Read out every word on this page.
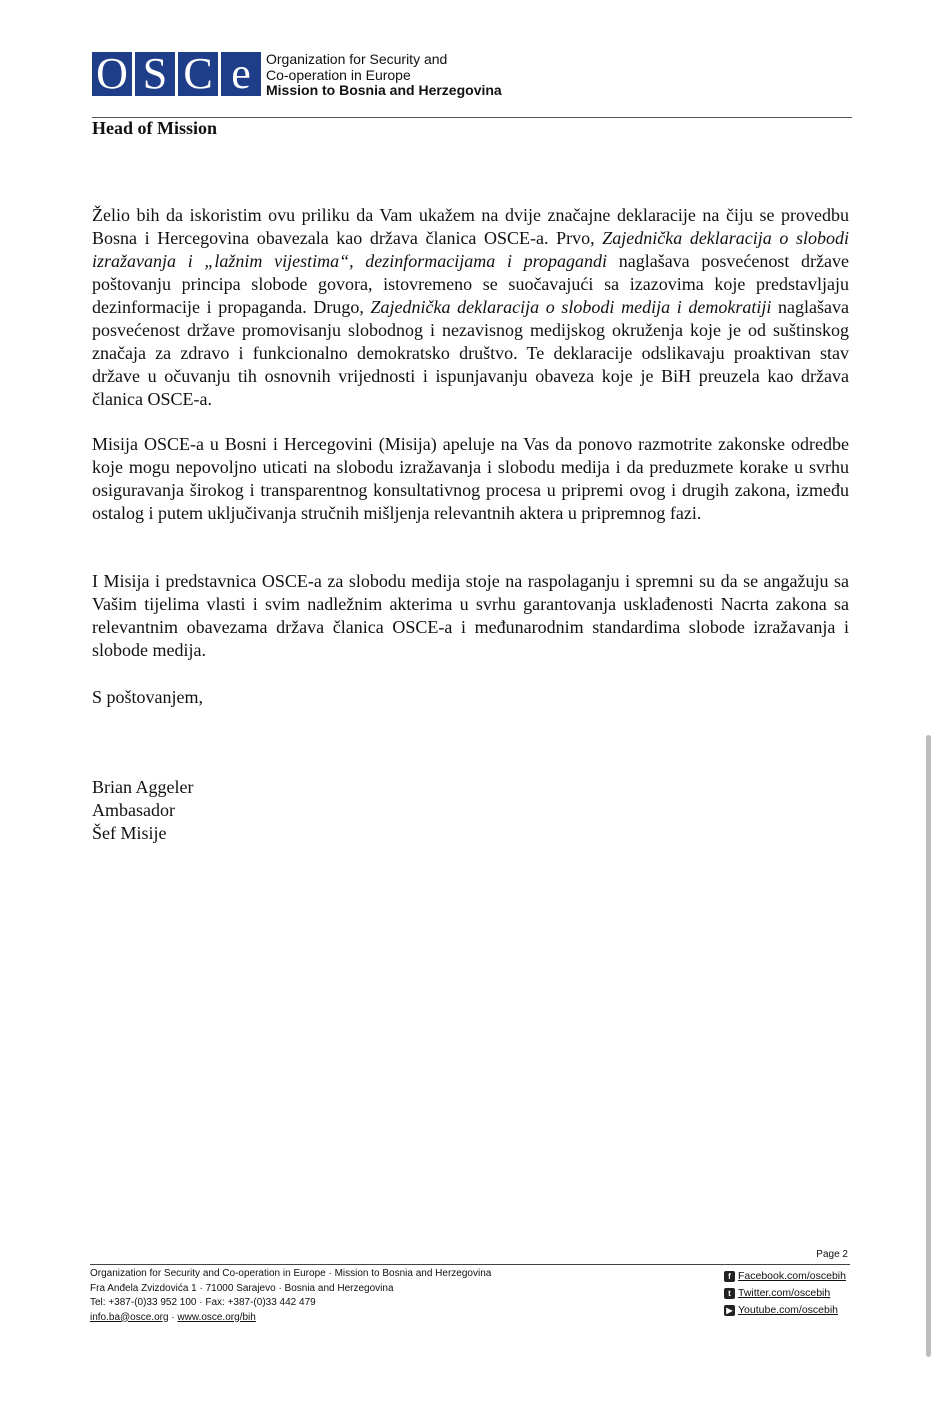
O S C e	Organization for Security and
Co-operation in Europe
Mission to Bosnia and Herzegovina
Head of Mission
Želio bih da iskoristim ovu priliku da Vam ukažem na dvije značajne deklaracije na čiju se provedbu Bosna i Hercegovina obavezala kao država članica OSCE-a. Prvo, Zajednička deklaracija o slobodi izražavanja i „lažnim vijestima“, dezinformacijama i propagandi naglašava posvećenost države poštovanju principa slobode govora, istovremeno se suočavajući sa izazovima koje predstavljaju dezinformacije i propaganda. Drugo, Zajednička deklaracija o slobodi medija i demokratiji naglašava posvećenost države promovisanju slobodnog i nezavisnog medijskog okruženja koje je od suštinskog značaja za zdravo i funkcionalno demokratsko društvo. Te deklaracije odslikavaju proaktivan stav države u očuvanju tih osnovnih vrijednosti i ispunjavanju obaveza koje je BiH preuzela kao država članica OSCE-a.
Misija OSCE-a u Bosni i Hercegovini (Misija) apeluje na Vas da ponovo razmotrite zakonske odredbe koje mogu nepovoljno uticati na slobodu izražavanja i slobodu medija i da preduzmete korake u svrhu osiguravanja širokog i transparentnog konsultativnog procesa u pripremi ovog i drugih zakona, između ostalog i putem uključivanja stručnih mišljenja relevantnih aktera u pripremnog fazi.
I Misija i predstavnica OSCE-a za slobodu medija stoje na raspolaganju i spremni su da se angažuju sa Vašim tijelima vlasti i svim nadležnim akterima u svrhu garantovanja usklađenosti Nacrta zakona sa relevantnim obavezama država članica OSCE-a i međunarodnim standardima slobode izražavanja i slobode medija.
S poštovanjem,
Brian Aggeler
Ambasador
Šef Misije
Page 2
Organization for Security and Co-operation in Europe · Mission to Bosnia and Herzegovina
Fra Anđela Zvizdovića 1 · 71000 Sarajevo · Bosnia and Herzegovina
Tel: +387-(0)33 952 100 · Fax: +387-(0)33 442 479
info.ba@osce.org · www.osce.org/bih
f Facebook.com/oscebih
t Twitter.com/oscebih
▶ Youtube.com/oscebih
